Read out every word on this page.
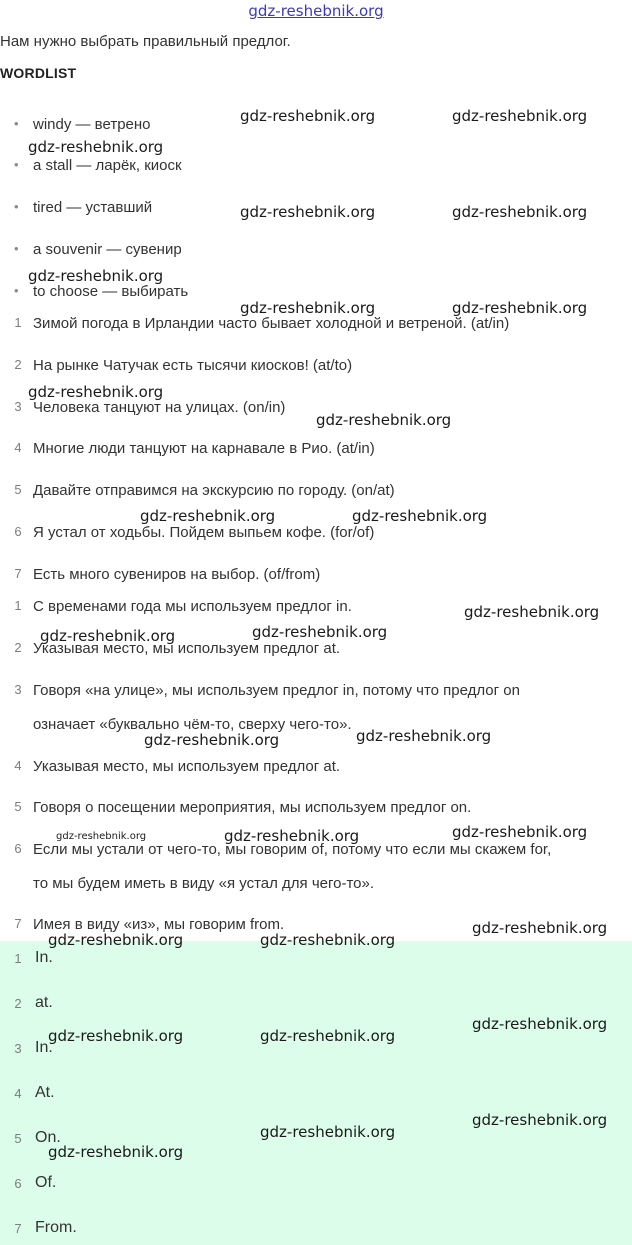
gdz-reshebnik.org
Нам нужно выбрать правильный предлог.
WORDLIST
• windy — ветрено
• a stall — ларёк, киоск
• tired — уставший
• a souvenir — сувенир
• to choose — выбирать
1 Зимой погода в Ирландии часто бывает холодной и ветреной. (at/in)
2 На рынке Чатучак есть тысячи киосков! (at/to)
3 Человека танцуют на улицах. (on/in)
4 Многие люди танцуют на карнавале в Рио. (at/in)
5 Давайте отправимся на экскурсию по городу. (on/at)
6 Я устал от ходьбы. Пойдем выпьем кофе. (for/of)
7 Есть много сувениров на выбор. (of/from)
1 С временами года мы используем предлог in.
2 Указывая место, мы используем предлог at.
3 Говоря «на улице», мы используем предлог in, потому что предлог on
означает «буквально чём-то, сверху чего-то».
4 Указывая место, мы используем предлог at.
5 Говоря о посещении мероприятия, мы используем предлог on.
6 Если мы устали от чего-то, мы говорим of, потому что если мы скажем for,
то мы будем иметь в виду «я устал для чего-то».
7 Имея в виду «из», мы говорим from.
1 In.
2 at.
3 In.
4 At.
5 On.
6 Of.
7 From.
gdz-reshebnik.org	gdz-reshebnik.org
gdz-reshebnik.org
gdz-reshebnik.org	gdz-reshebnik.org
gdz-reshebnik.org
gdz-reshebnik.org	gdz-reshebnik.org
gdz-reshebnik.org
gdz-reshebnik.org
gdz-reshebnik.org	gdz-reshebnik.org
gdz-reshebnik.org
gdz-reshebnik.org	gdz-reshebnik.org
gdz-reshebnik.org	gdz-reshebnik.org
gdz-reshebnik.org	gdz-reshebnik.org	gdz-reshebnik.org
gdz-reshebnik.org	gdz-reshebnik.org
gdz-reshebnik.org
gdz-reshebnik.org	gdz-reshebnik.org
gdz-reshebnik.org
gdz-reshebnik.org
gdz-reshebnik.org
gdz-reshebnik.org
